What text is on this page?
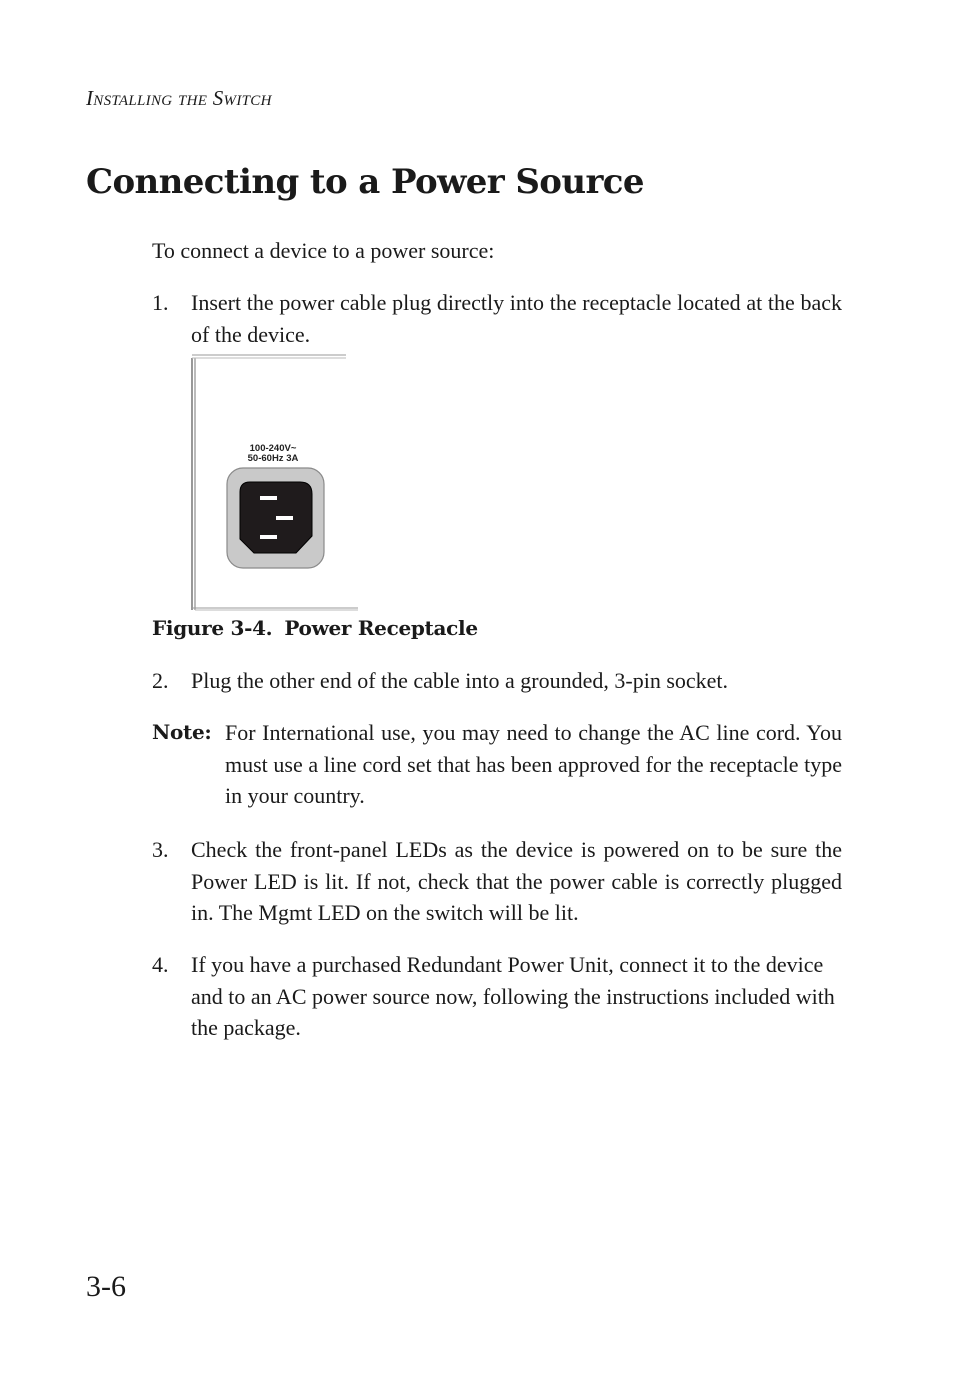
Installing the Switch
Connecting to a Power Source
To connect a device to a power source:
1.	Insert the power cable plug directly into the receptacle located at the back of the device.
100-240V~
50-60Hz 3A
Figure 3-4. Power Receptacle
2.	Plug the other end of the cable into a grounded, 3-pin socket.
Note: For International use, you may need to change the AC line cord. You must use a line cord set that has been approved for the receptacle type in your country.
3.	Check the front-panel LEDs as the device is powered on to be sure the Power LED is lit. If not, check that the power cable is correctly plugged in. The Mgmt LED on the switch will be lit.
4.	If you have a purchased Redundant Power Unit, connect it to the device and to an AC power source now, following the instructions included with the package.
3-6
